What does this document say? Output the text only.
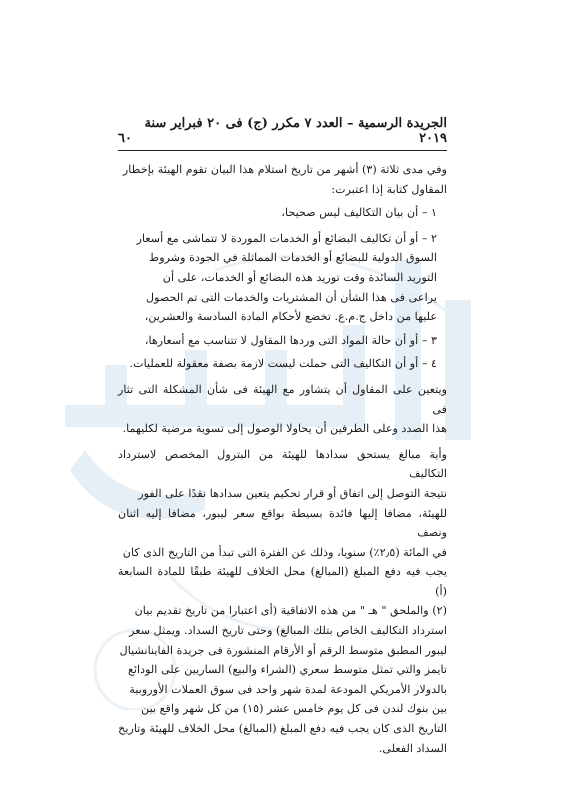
الجريدة الرسمية – العدد ٧ مكرر (ج) فى ٢٠ فبراير سنة ٢٠١٩
٦٠

وفي مدى ثلاثة (٣) أشهر من تاريخ استلام هذا البيان تقوم الهيئة بإخطار

المقاول كتابة إذا اعتبرت:

١ – أن بيان التكاليف ليس صحيحا،

٢ – أو أن تكاليف البضائع أو الخدمات الموردة لا تتماشى مع أسعار

السوق الدولية للبضائع أو الخدمات المماثلة في الجودة وشروط

التوريد السائدة وقت توريد هذه البضائع أو الخدمات، على أن

يراعى فى هذا الشأن أن المشتريات والخدمات التى تم الحصول

عليها من داخل ج.م.ع. تخضع لأحكام المادة السادسة والعشرين،

٣ – أو أن حالة المواد التى وردها المقاول لا تتناسب مع أسعارها،

٤ – أو أن التكاليف التى حملت ليست لازمة بصفة معقولة للعمليات.

ويتعين على المقاول أن يتشاور مع الهيئة فى شأن المشكلة التى تثار فى

هذا الصدد وعلى الطرفين أن يحاولا الوصول إلى تسوية مرضية لكليهما.

وأية مبالغ يستحق سدادها للهيئة من البترول المخصص لاسترداد التكاليف

نتيجة التوصل إلى اتفاق أو قرار تحكيم يتعين سدادها نقدًا على الفور

للهيئة، مضافا إليها فائدة بسيطة بواقع سعر ليبور، مضافا إليه اثنان ونصف

في المائة (٢٫٥٪) سنويا، وذلك عن الفترة التى تبدأ من التاريخ الذى كان

يجب فيه دفع المبلغ (المبالغ) محل الخلاف للهيئة طبقًا للمادة السابعة (أ)

(٢) والملحق " هـ " من هذه الاتفاقية (أى اعتبارا من تاريخ تقديم بيان

استرداد التكاليف الخاص بتلك المبالغ) وحتى تاريخ السداد. ويمثل سعر

ليبور المطبق متوسط الرقم أو الأرقام المنشورة فى جريدة الفاينانشيال

تايمز والتي تمثل متوسط سعري (الشراء والبيع) الساريين على الودائع

بالدولار الأمريكي المودعة لمدة شهر واحد فى سوق العملات الأوروبية

بين بنوك لندن فى كل يوم خامس عشر (١٥) من كل شهر واقع بين

التاريخ الذى كان يجب فيه دفع المبلغ (المبالغ) محل الخلاف للهيئة وتاريخ

السداد الفعلى.
